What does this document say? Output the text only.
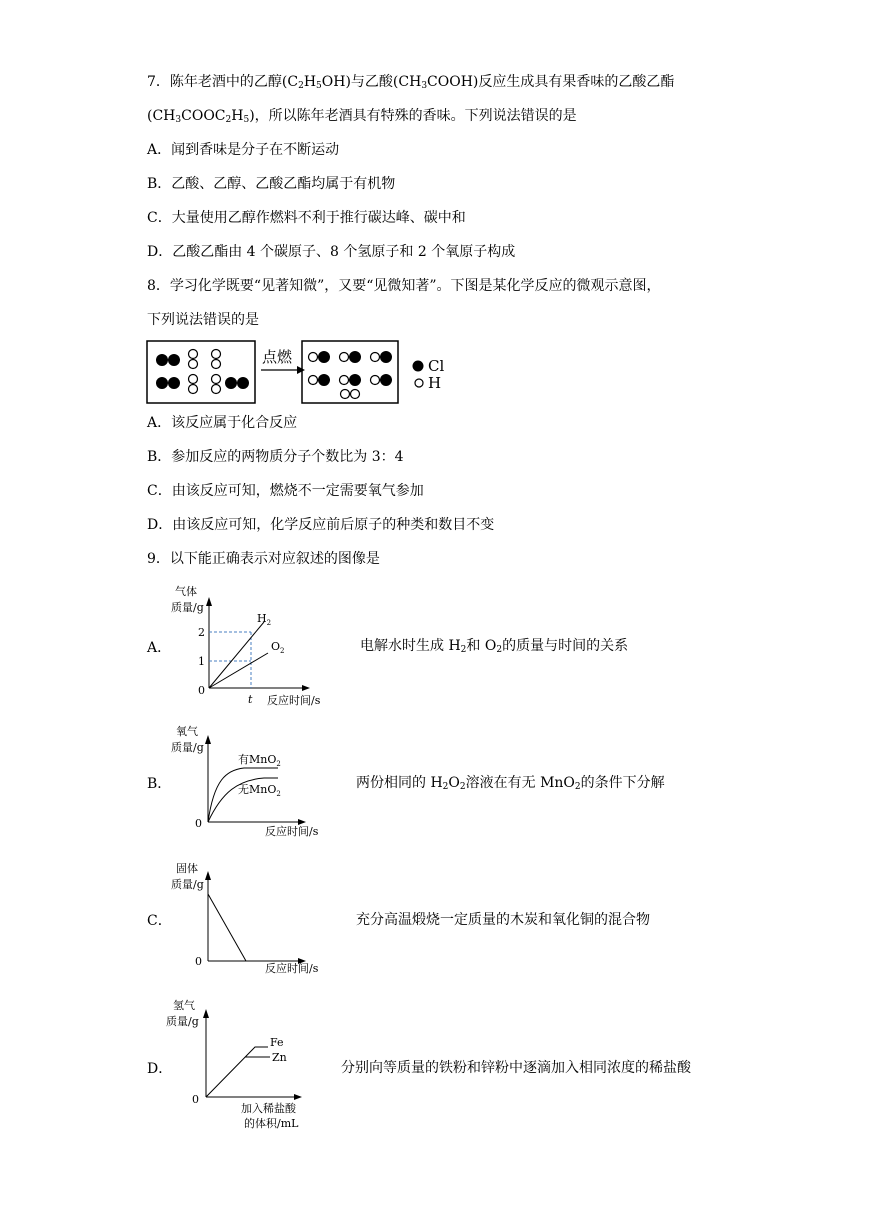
7．陈年老酒中的乙醇$(C_2H_5OH)$与乙酸$(CH_3COOH)$反应生成具有果香味的乙酸乙酯
$(CH_3COOC_2H_5)$，所以陈年老酒具有特殊的香味。下列说法错误的是
A．闻到香味是分子在不断运动
B．乙酸、乙醇、乙酸乙酯均属于有机物
C．大量使用乙醇作燃料不利于推行碳达峰、碳中和
D．乙酸乙酯由 4 个碳原子、8 个氢原子和 2 个氧原子构成
8．学习化学既要“见著知微”，又要“见微知著”。下图是某化学反应的微观示意图，
下列说法错误的是
点燃	Cl
H
A．该反应属于化合反应
B．参加反应的两物质分子个数比为 3：4
C．由该反应可知，燃烧不一定需要氧气参加
D．由该反应可知，化学反应前后原子的种类和数目不变
9．以下能正确表示对应叙述的图像是
A．
气体
质量/g
0
2
1
t
$H_2$
$O_2$
反应时间/s
电解水时生成 $H_2$和 $O_2$的质量与时间的关系
B．
氧气
质量/g
0
有MnO$_2$
无MnO$_2$
反应时间/s
两份相同的 $H_2O_2$溶液在有无 MnO$_2$的条件下分解
C．
固体
质量/g
0
反应时间/s
充分高温煅烧一定质量的木炭和氧化铜的混合物
D．
氢气
质量/g
0
Fe
Zn
加入稀盐酸
的体积/mL
分别向等质量的铁粉和锌粉中逐滴加入相同浓度的稀盐酸
